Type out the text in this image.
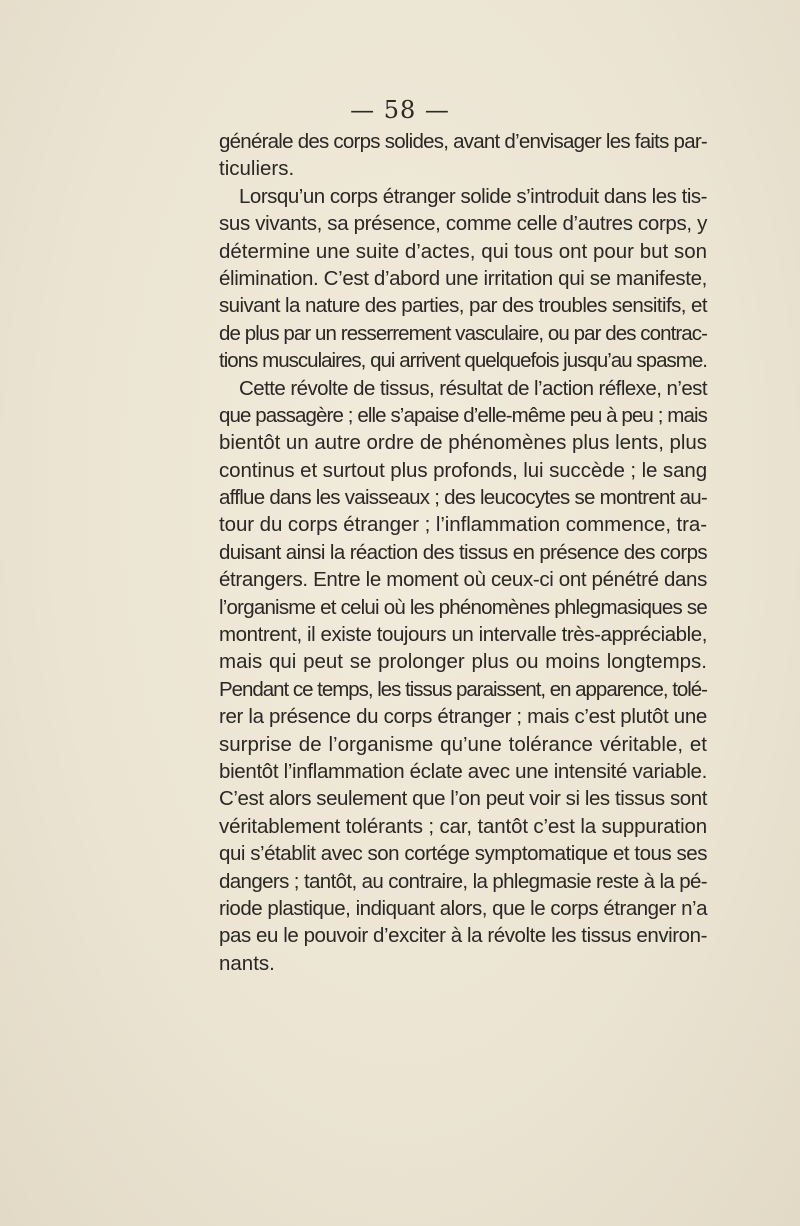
— 58 —
générale des corps solides, avant d’envisager les faits par-
ticuliers.
Lorsqu’un corps étranger solide s’introduit dans les tis-
sus vivants, sa présence, comme celle d’autres corps, y
détermine une suite d’actes, qui tous ont pour but son
élimination. C’est d’abord une irritation qui se manifeste,
suivant la nature des parties, par des troubles sensitifs, et
de plus par un resserrement vasculaire, ou par des contrac-
tions musculaires, qui arrivent quelquefois jusqu’au spasme.
Cette révolte de tissus, résultat de l’action réflexe, n’est
que passagère ; elle s’apaise d’elle-même peu à peu ; mais
bientôt un autre ordre de phénomènes plus lents, plus
continus et surtout plus profonds, lui succède ; le sang
afflue dans les vaisseaux ; des leucocytes se montrent au-
tour du corps étranger ; l’inflammation commence, tra-
duisant ainsi la réaction des tissus en présence des corps
étrangers. Entre le moment où ceux-ci ont pénétré dans
l’organisme et celui où les phénomènes phlegmasiques se
montrent, il existe toujours un intervalle très-appréciable,
mais qui peut se prolonger plus ou moins longtemps.
Pendant ce temps, les tissus paraissent, en apparence, tolé-
rer la présence du corps étranger ; mais c’est plutôt une
surprise de l’organisme qu’une tolérance véritable, et
bientôt l’inflammation éclate avec une intensité variable.
C’est alors seulement que l’on peut voir si les tissus sont
véritablement tolérants ; car, tantôt c’est la suppuration
qui s’établit avec son cortége symptomatique et tous ses
dangers ; tantôt, au contraire, la phlegmasie reste à la pé-
riode plastique, indiquant alors, que le corps étranger n’a
pas eu le pouvoir d’exciter à la révolte les tissus environ-
nants.
